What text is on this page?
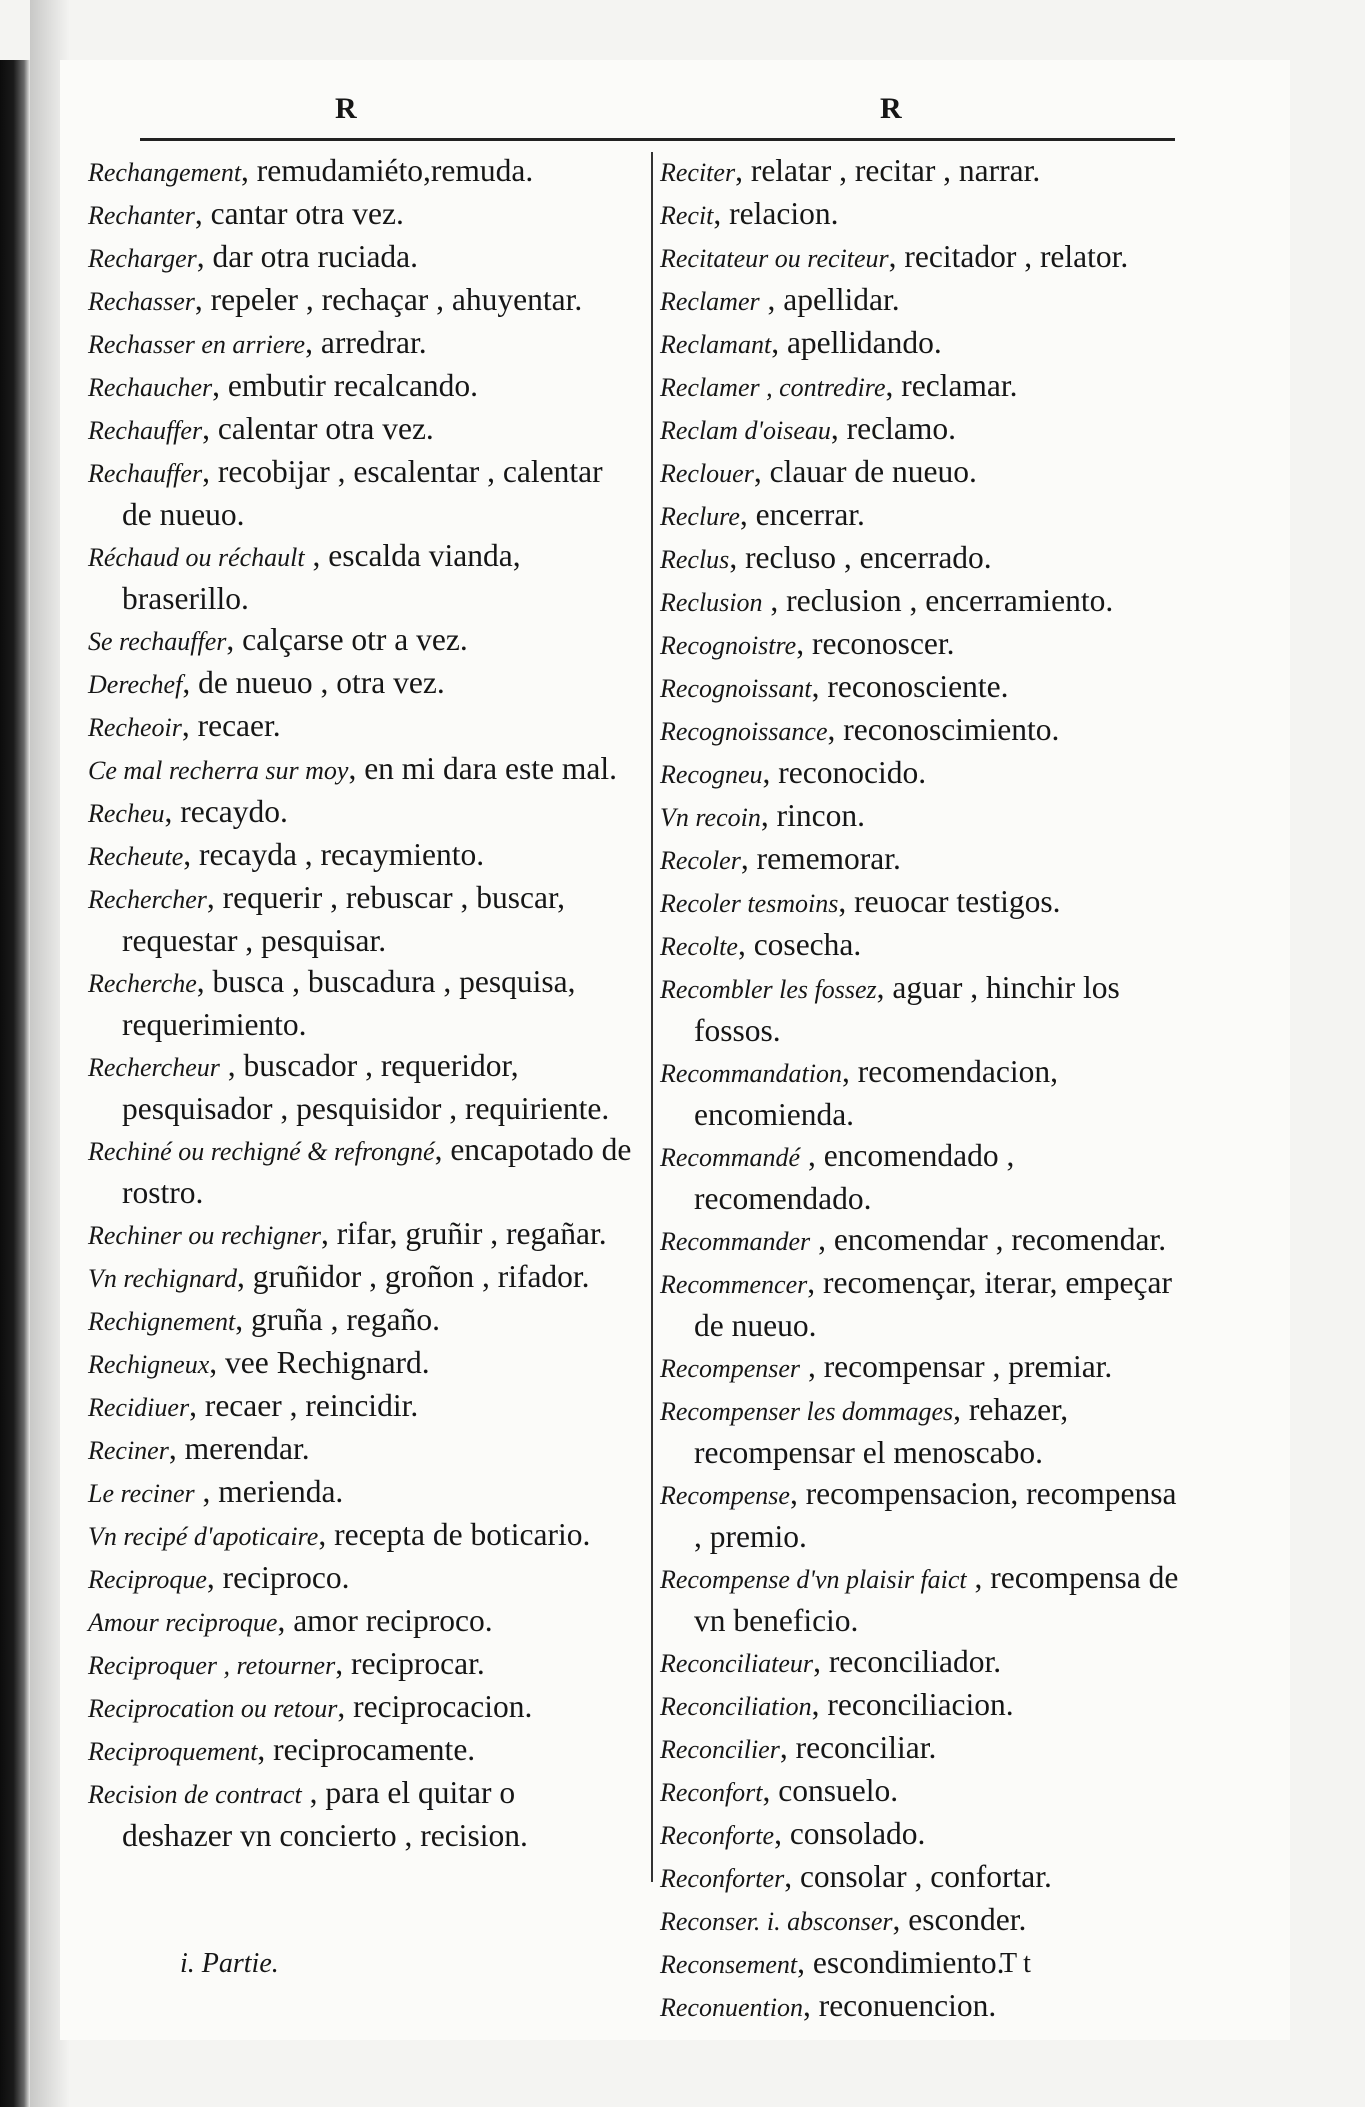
R	R

Rechangement, remudamiéto,remuda.

Rechanter, cantar otra vez.

Recharger, dar otra ruciada.

Rechasser, repeler , rechaçar , ahuyentar.

Rechasser en arriere, arredrar.

Rechaucher, embutir recalcando.

Rechauffer, calentar otra vez.

Rechauffer, recobijar , escalentar , calentar de nueuo.

Réchaud ou réchault , escalda vianda, braserillo.

Se rechauffer, calçarse otr a vez.

Derechef, de nueuo , otra vez.

Recheoir, recaer.

Ce mal recherra sur moy, en mi dara este mal.

Recheu, recaydo.

Recheute, recayda , recaymiento.

Rechercher, requerir , rebuscar , buscar, requestar , pesquisar.

Recherche, busca , buscadura , pesquisa, requerimiento.

Rechercheur , buscador , requeridor, pesquisador , pesquisidor , requiriente.

Rechiné ou rechigné & refrongné, encapotado de rostro.

Rechiner ou rechigner, rifar, gruñir , regañar.

Vn rechignard, gruñidor , groñon , rifador.

Rechignement, gruña , regaño.

Rechigneux, vee Rechignard.

Recidiuer, recaer , reincidir.

Reciner, merendar.

Le reciner , merienda.

Vn recipé d'apoticaire, recepta de boticario.

Reciproque, reciproco.

Amour reciproque, amor reciproco.

Reciproquer , retourner, reciprocar.

Reciprocation ou retour, reciprocacion.

Reciproquement, reciprocamente.

Recision de contract , para el quitar o deshazer vn concierto , recision.

Reciter, relatar , recitar , narrar.

Recit, relacion.

Recitateur ou reciteur, recitador , relator.

Reclamer , apellidar.

Reclamant, apellidando.

Reclamer , contredire, reclamar.

Reclam d'oiseau, reclamo.

Reclouer, clauar de nueuo.

Reclure, encerrar.

Reclus, recluso , encerrado.

Reclusion , reclusion , encerramiento.

Recognoistre, reconoscer.

Recognoissant, reconosciente.

Recognoissance, reconoscimiento.

Recogneu, reconocido.

Vn recoin, rincon.

Recoler, rememorar.

Recoler tesmoins, reuocar testigos.

Recolte, cosecha.

Recombler les fossez, aguar , hinchir los fossos.

Recommandation, recomendacion, encomienda.

Recommandé , encomendado , recomendado.

Recommander , encomendar , recomendar.

Recommencer, recomençar, iterar, empeçar de nueuo.

Recompenser , recompensar , premiar.

Recompenser les dommages, rehazer, recompensar el menoscabo.

Recompense, recompensacion, recompensa , premio.

Recompense d'vn plaisir faict , recompensa de vn beneficio.

Reconciliateur, reconciliador.

Reconciliation, reconciliacion.

Reconcilier, reconciliar.

Reconfort, consuelo.

Reconforte, consolado.

Reconforter, consolar , confortar.

Reconser. i. absconser, esconder.

Reconsement, escondimiento.

Reconuention, reconuencion.

i. Partie.	Tt
